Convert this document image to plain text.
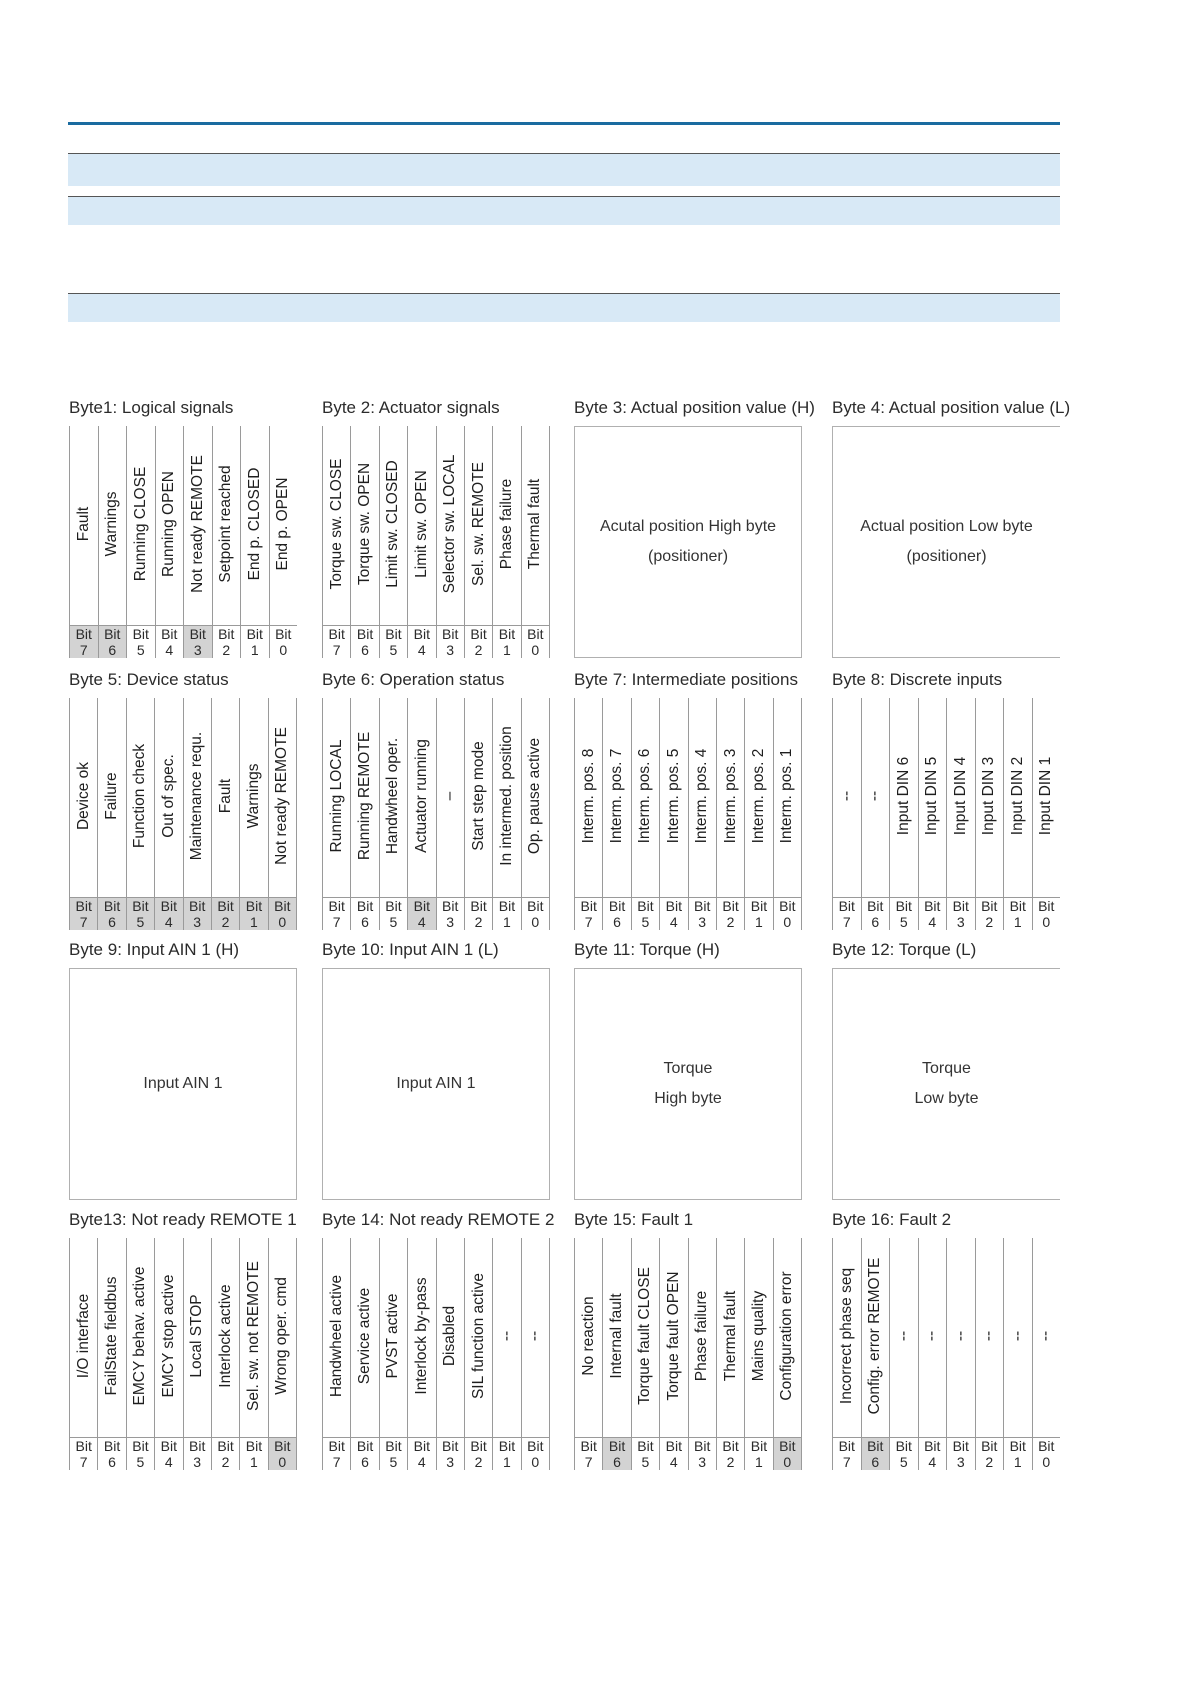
Byte1: Logical signals
Fault
Bit
7
Warnings
Bit
6
Running CLOSE
Bit
5
Running OPEN
Bit
4
Not ready REMOTE
Bit
3
Setpoint reached
Bit
2
End p. CLOSED
Bit
1
End p. OPEN
Bit
0
Byte 2: Actuator signals
Torque sw. CLOSE
Bit
7
Torque sw. OPEN
Bit
6
Limit sw. CLOSED
Bit
5
Limit sw. OPEN
Bit
4
Selector sw. LOCAL
Bit
3
Sel. sw. REMOTE
Bit
2
Phase failure
Bit
1
Thermal fault
Bit
0
Byte 3: Actual position value (H)
Acutal position High byte
(positioner)
Byte 4: Actual position value (L)
Actual position Low byte
(positioner)
Byte 5: Device status
Device ok
Bit
7
Failure
Bit
6
Function check
Bit
5
Out of spec.
Bit
4
Maintenance requ.
Bit
3
Fault
Bit
2
Warnings
Bit
1
Not ready REMOTE
Bit
0
Byte 6: Operation status
Running LOCAL
Bit
7
Running REMOTE
Bit
6
Handwheel oper.
Bit
5
Actuator running
Bit
4
–
Bit
3
Start step mode
Bit
2
In intermed. position
Bit
1
Op. pause active
Bit
0
Byte 7: Intermediate positions
Interm. pos. 8
Bit
7
Interm. pos. 7
Bit
6
Interm. pos. 6
Bit
5
Interm. pos. 5
Bit
4
Interm. pos. 4
Bit
3
Interm. pos. 3
Bit
2
Interm. pos. 2
Bit
1
Interm. pos. 1
Bit
0
Byte 8: Discrete inputs
--
Bit
7
--
Bit
6
Input DIN 6
Bit
5
Input DIN 5
Bit
4
Input DIN 4
Bit
3
Input DIN 3
Bit
2
Input DIN 2
Bit
1
Input DIN 1
Bit
0
Byte 9: Input AIN 1 (H)
Input AIN 1
Byte 10: Input AIN 1 (L)
Input AIN 1
Byte 11: Torque (H)
Torque
High byte
Byte 12: Torque (L)
Torque
Low byte
Byte13: Not ready REMOTE 1
I/O interface
Bit
7
FailState fieldbus
Bit
6
EMCY behav. active
Bit
5
EMCY stop active
Bit
4
Local STOP
Bit
3
Interlock active
Bit
2
Sel. sw. not REMOTE
Bit
1
Wrong oper. cmd
Bit
0
Byte 14: Not ready REMOTE 2
Handwheel active
Bit
7
Service active
Bit
6
PVST active
Bit
5
Interlock by-pass
Bit
4
Disabled
Bit
3
SIL function active
Bit
2
--
Bit
1
--
Bit
0
Byte 15: Fault 1
No reaction
Bit
7
Internal fault
Bit
6
Torque fault CLOSE
Bit
5
Torque fault OPEN
Bit
4
Phase failure
Bit
3
Thermal fault
Bit
2
Mains quality
Bit
1
Configuration error
Bit
0
Byte 16: Fault 2
Incorrect phase seq
Bit
7
Config. error REMOTE
Bit
6
--
Bit
5
--
Bit
4
--
Bit
3
--
Bit
2
--
Bit
1
--
Bit
0
